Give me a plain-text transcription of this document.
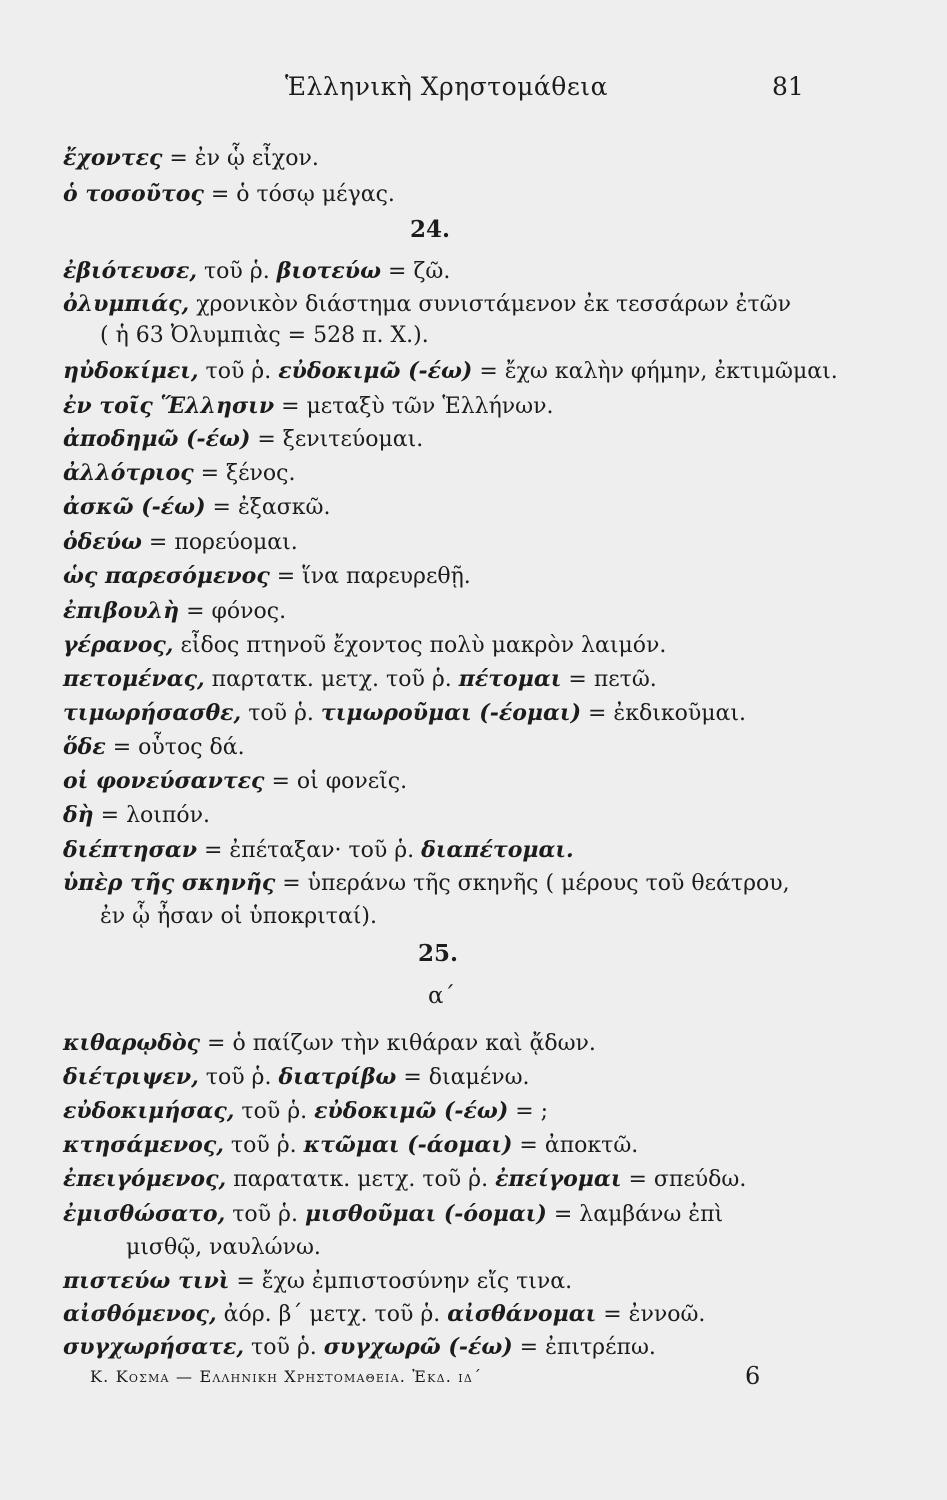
Ἑλληνικὴ Χρηστομάθεια	81
ἔχοντες = ἐν ᾧ εἶχον.
ὁ τοσοῦτος = ὁ τόσῳ μέγας.
24.
ἐβιότευσε, τοῦ ῥ. βιοτεύω = ζῶ.
ὀλυμπιάς, χρονικὸν διάστημα συνιστάμενον ἐκ τεσσάρων ἐτῶν
( ἡ 63 Ὀλυμπιὰς = 528 π. Χ.).
ηὐδοκίμει, τοῦ ῥ. εὐδοκιμῶ (-έω) = ἔχω καλὴν φήμην, ἐκτιμῶμαι.
ἐν τοῖς Ἕλλησιν = μεταξὺ τῶν Ἑλλήνων.
ἀποδημῶ (-έω) = ξενιτεύομαι.
ἀλλότριος = ξένος.
ἀσκῶ (-έω) = ἐξασκῶ.
ὁδεύω = πορεύομαι.
ὡς παρεσόμενος = ἵνα παρευρεθῇ.
ἐπιβουλὴ = φόνος.
γέρανος, εἶδος πτηνοῦ ἔχοντος πολὺ μακρὸν λαιμόν.
πετομένας, παρτατκ. μετχ. τοῦ ῥ. πέτομαι = πετῶ.
τιμωρήσασθε, τοῦ ῥ. τιμωροῦμαι (-έομαι) = ἐκδικοῦμαι.
ὅδε = οὗτος δά.
οἱ φονεύσαντες = οἱ φονεῖς.
δὴ = λοιπόν.
διέπτησαν = ἐπέταξαν· τοῦ ῥ. διαπέτομαι.
ὑπὲρ τῆς σκηνῆς = ὑπεράνω τῆς σκηνῆς ( μέρους τοῦ θεάτρου,
ἐν ᾧ ἦσαν οἱ ὑποκριταί).
25.
α΄
κιθαρῳδὸς = ὁ παίζων τὴν κιθάραν καὶ ᾄδων.
διέτριψεν, τοῦ ῥ. διατρίβω = διαμένω.
εὐδοκιμήσας, τοῦ ῥ. εὐδοκιμῶ (-έω) = ;
κτησάμενος, τοῦ ῥ. κτῶμαι (-άομαι) = ἀποκτῶ.
ἐπειγόμενος, παρατατκ. μετχ. τοῦ ῥ. ἐπείγομαι = σπεύδω.
ἐμισθώσατο, τοῦ ῥ. μισθοῦμαι (-όομαι) = λαμβάνω ἐπὶ
μισθῷ, ναυλώνω.
πιστεύω τινὶ = ἔχω ἐμπιστοσύνην εἴς τινα.
αἰσθόμενος, ἀόρ. β΄ μετχ. τοῦ ῥ. αἰσθάνομαι = ἐννοῶ.
συγχωρήσατε, τοῦ ῥ. συγχωρῶ (-έω) = ἐπιτρέπω.
Κ. Κοσμα — Ελληνικη Χρηστομαθεια. Ἐκδ. ιδ΄	6
